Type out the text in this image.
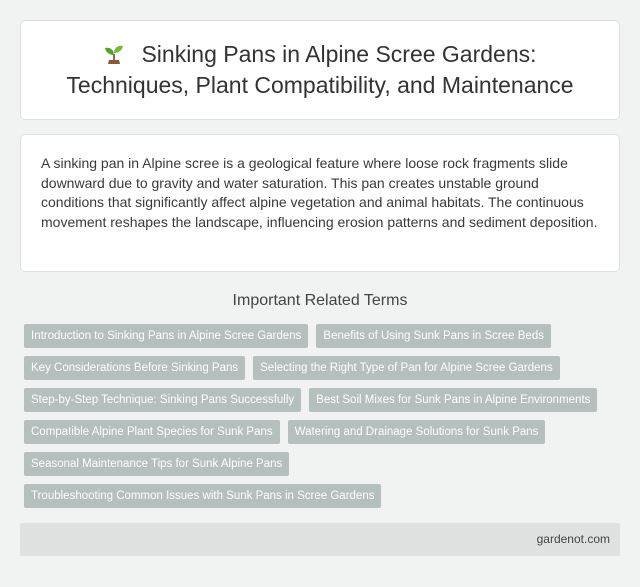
Sinking Pans in Alpine Scree Gardens: Techniques, Plant Compatibility, and Maintenance

A sinking pan in Alpine scree is a geological feature where loose rock fragments slide downward due to gravity and water saturation. This pan creates unstable ground conditions that significantly affect alpine vegetation and animal habitats. The continuous movement reshapes the landscape, influencing erosion patterns and sediment deposition.

Important Related Terms
Introduction to Sinking Pans in Alpine Scree Gardens	Benefits of Using Sunk Pans in Scree Beds
Key Considerations Before Sinking Pans	Selecting the Right Type of Pan for Alpine Scree Gardens
Step-by-Step Technique: Sinking Pans Successfully	Best Soil Mixes for Sunk Pans in Alpine Environments
Compatible Alpine Plant Species for Sunk Pans	Watering and Drainage Solutions for Sunk Pans
Seasonal Maintenance Tips for Sunk Alpine Pans
Troubleshooting Common Issues with Sunk Pans in Scree Gardens
gardenot.com
